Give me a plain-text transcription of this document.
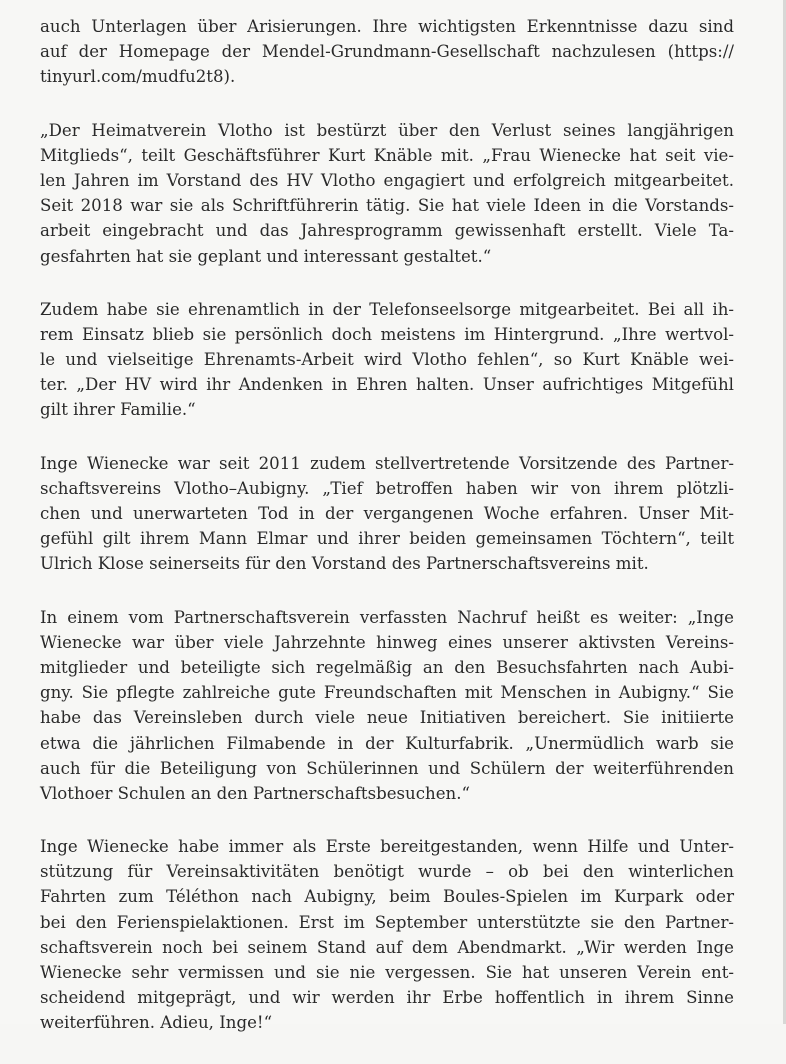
auch Unterlagen über Arisierungen. Ihre wichtigsten Erkenntnisse dazu sind
auf der Homepage der Mendel-Grundmann-Gesellschaft nachzulesen (https://
tinyurl.com/mudfu2t8).

„Der Heimatverein Vlotho ist bestürzt über den Verlust seines langjährigen
Mitglieds“, teilt Geschäftsführer Kurt Knäble mit. „Frau Wienecke hat seit vie-
len Jahren im Vorstand des HV Vlotho engagiert und erfolgreich mitgearbeitet.
Seit 2018 war sie als Schriftführerin tätig. Sie hat viele Ideen in die Vorstands-
arbeit eingebracht und das Jahresprogramm gewissenhaft erstellt. Viele Ta-
gesfahrten hat sie geplant und interessant gestaltet.“

Zudem habe sie ehrenamtlich in der Telefonseelsorge mitgearbeitet. Bei all ih-
rem Einsatz blieb sie persönlich doch meistens im Hintergrund. „Ihre wertvol-
le und vielseitige Ehrenamts-Arbeit wird Vlotho fehlen“, so Kurt Knäble wei-
ter. „Der HV wird ihr Andenken in Ehren halten. Unser aufrichtiges Mitgefühl
gilt ihrer Familie.“

Inge Wienecke war seit 2011 zudem stellvertretende Vorsitzende des Partner-
schaftsvereins Vlotho–Aubigny. „Tief betroffen haben wir von ihrem plötzli-
chen und unerwarteten Tod in der vergangenen Woche erfahren. Unser Mit-
gefühl gilt ihrem Mann Elmar und ihrer beiden gemeinsamen Töchtern“, teilt
Ulrich Klose seinerseits für den Vorstand des Partnerschaftsvereins mit.

In einem vom Partnerschaftsverein verfassten Nachruf heißt es weiter: „Inge
Wienecke war über viele Jahrzehnte hinweg eines unserer aktivsten Vereins-
mitglieder und beteiligte sich regelmäßig an den Besuchsfahrten nach Aubi-
gny. Sie pflegte zahlreiche gute Freundschaften mit Menschen in Aubigny.“ Sie
habe das Vereinsleben durch viele neue Initiativen bereichert. Sie initiierte
etwa die jährlichen Filmabende in der Kulturfabrik. „Unermüdlich warb sie
auch für die Beteiligung von Schülerinnen und Schülern der weiterführenden
Vlothoer Schulen an den Partnerschaftsbesuchen.“

Inge Wienecke habe immer als Erste bereitgestanden, wenn Hilfe und Unter-
stützung für Vereinsaktivitäten benötigt wurde – ob bei den winterlichen
Fahrten zum Téléthon nach Aubigny, beim Boules-Spielen im Kurpark oder
bei den Ferienspielaktionen. Erst im September unterstützte sie den Partner-
schaftsverein noch bei seinem Stand auf dem Abendmarkt. „Wir werden Inge
Wienecke sehr vermissen und sie nie vergessen. Sie hat unseren Verein ent-
scheidend mitgeprägt, und wir werden ihr Erbe hoffentlich in ihrem Sinne
weiterführen. Adieu, Inge!“
